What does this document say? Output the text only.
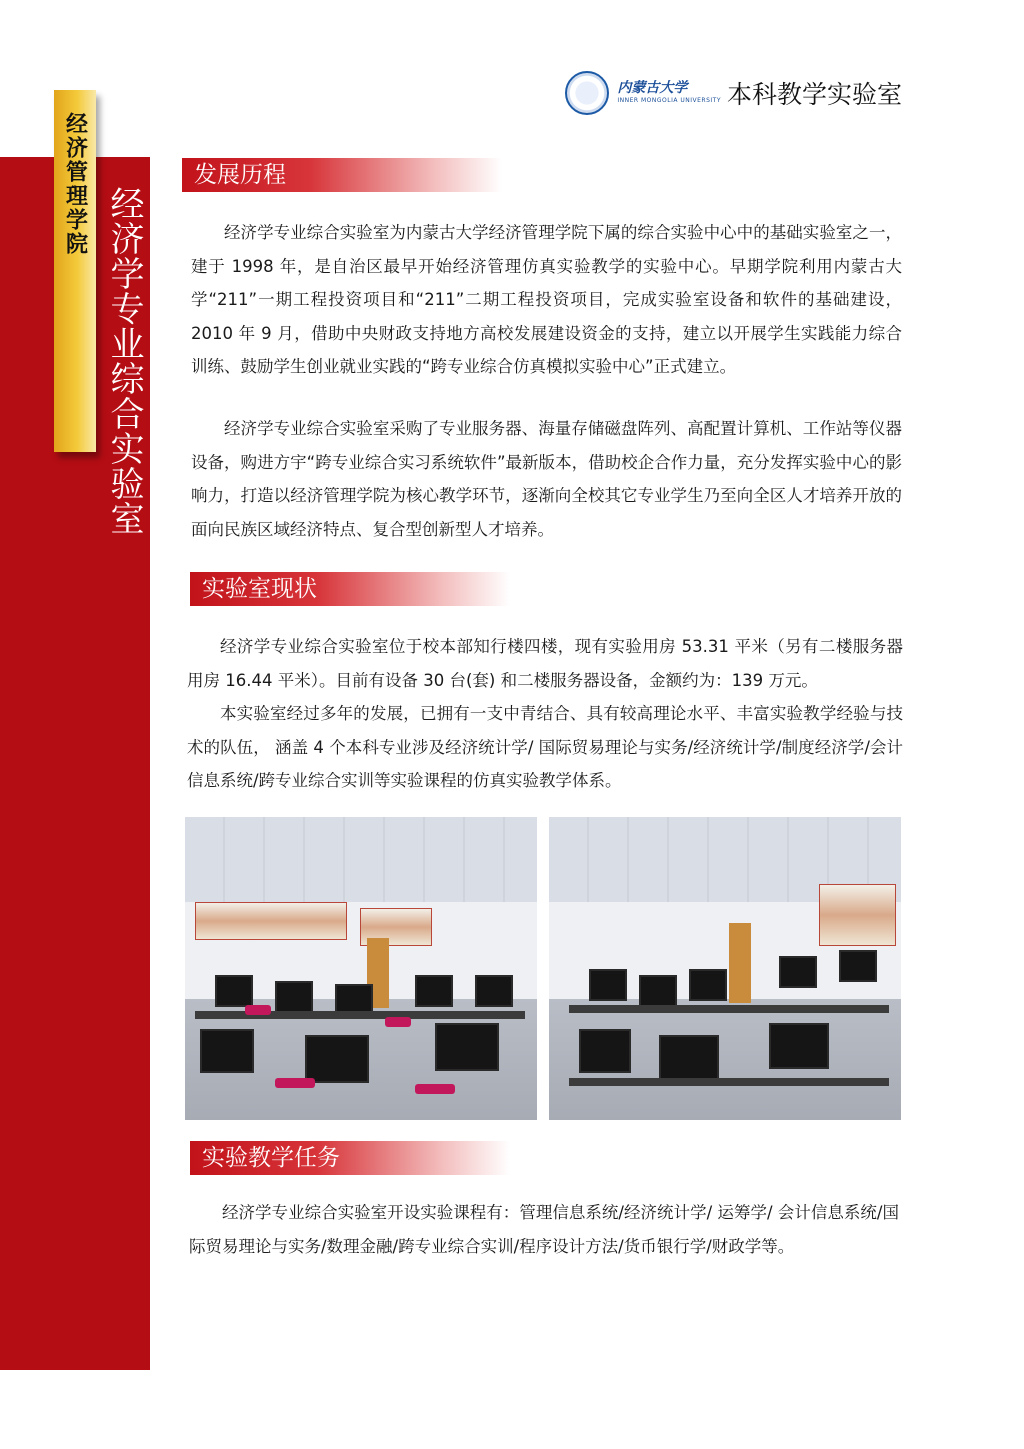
经济管理学院
经济学专业综合实验室
内蒙古大学
INNER MONGOLIA UNIVERSITY 本科教学实验室
发展历程

经济学专业综合实验室为内蒙古大学经济管理学院下属的综合实验中心中的基础实验室之一，建于 1998 年，是自治区最早开始经济管理仿真实验教学的实验中心。早期学院利用内蒙古大学“211”一期工程投资项目和“211”二期工程投资项目，完成实验室设备和软件的基础建设， 2010 年 9 月，借助中央财政支持地方高校发展建设资金的支持，建立以开展学生实践能力综合训练、鼓励学生创业就业实践的“跨专业综合仿真模拟实验中心”正式建立。

经济学专业综合实验室采购了专业服务器、海量存储磁盘阵列、高配置计算机、工作站等仪器设备，购进方宇“跨专业综合实习系统软件”最新版本，借助校企合作力量，充分发挥实验中心的影响力，打造以经济管理学院为核心教学环节，逐渐向全校其它专业学生乃至向全区人才培养开放的面向民族区域经济特点、复合型创新型人才培养。

实验室现状

经济学专业综合实验室位于校本部知行楼四楼，现有实验用房 53.31 平米（另有二楼服务器用房 16.44 平米）。目前有设备 30 台(套) 和二楼服务器设备，金额约为：139 万元。

本实验室经过多年的发展，已拥有一支中青结合、具有较高理论水平、丰富实验教学经验与技术的队伍， 涵盖 4 个本科专业涉及经济统计学/ 国际贸易理论与实务/经济统计学/制度经济学/会计信息系统/跨专业综合实训等实验课程的仿真实验教学体系。

实验教学任务

经济学专业综合实验室开设实验课程有：管理信息系统/经济统计学/ 运筹学/ 会计信息系统/国际贸易理论与实务/数理金融/跨专业综合实训/程序设计方法/货币银行学/财政学等。
